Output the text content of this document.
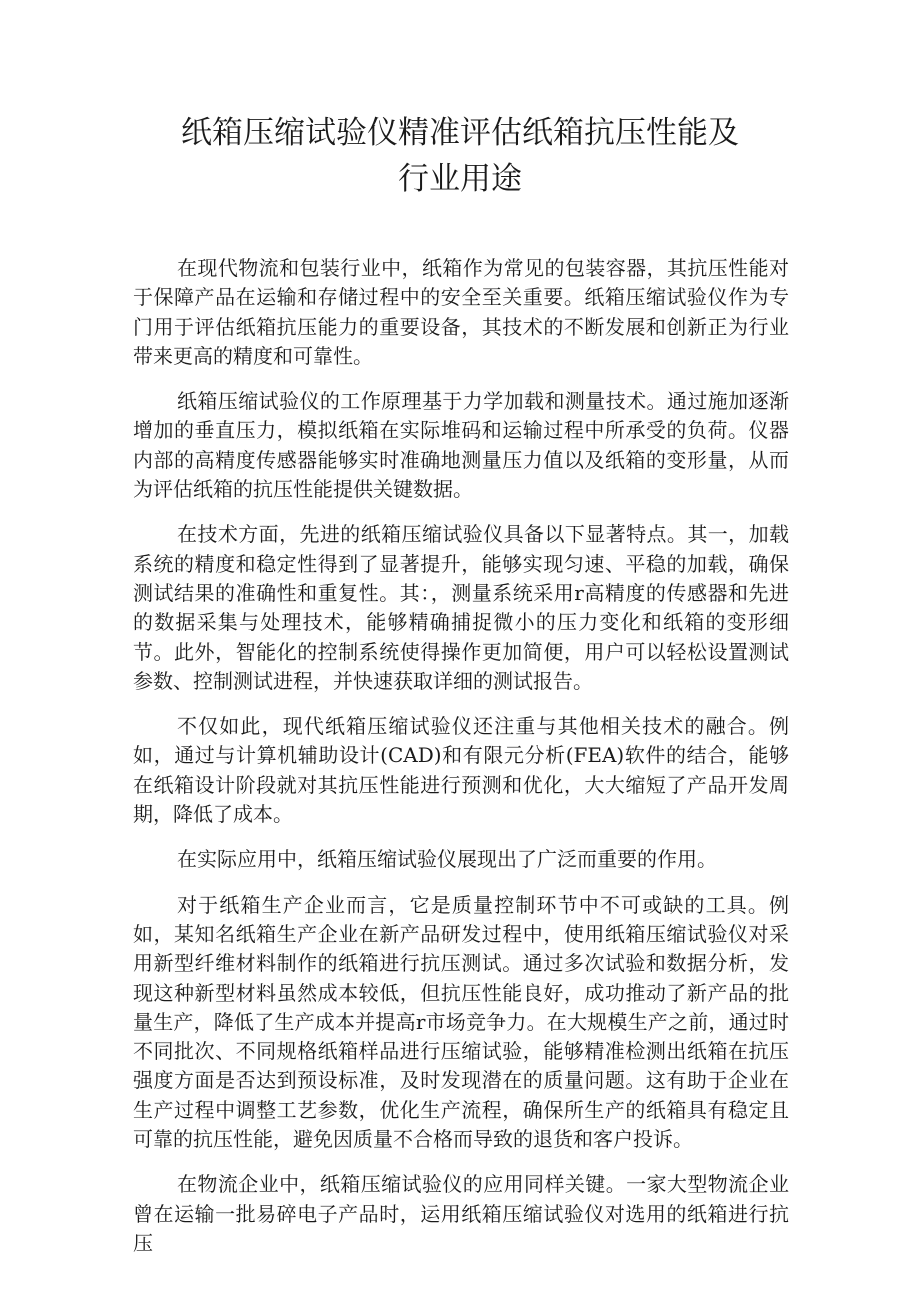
纸箱压缩试验仪精准评估纸箱抗压性能及
行业用途

在现代物流和包装行业中，纸箱作为常见的包装容器，其抗压性能对于保障产品在运输和存储过程中的安全至关重要。纸箱压缩试验仪作为专门用于评估纸箱抗压能力的重要设备，其技术的不断发展和创新正为行业带来更高的精度和可靠性。

纸箱压缩试验仪的工作原理基于力学加载和测量技术。通过施加逐渐增加的垂直压力，模拟纸箱在实际堆码和运输过程中所承受的负荷。仪器内部的高精度传感器能够实时准确地测量压力值以及纸箱的变形量，从而为评估纸箱的抗压性能提供关键数据。

在技术方面，先进的纸箱压缩试验仪具备以下显著特点。其一，加载系统的精度和稳定性得到了显著提升，能够实现匀速、平稳的加载，确保测试结果的准确性和重复性。其：，测量系统采用r高精度的传感器和先进的数据采集与处理技术，能够精确捕捉微小的压力变化和纸箱的变形细节。此外，智能化的控制系统使得操作更加简便，用户可以轻松设置测试参数、控制测试进程，并快速获取详细的测试报告。

不仅如此，现代纸箱压缩试验仪还注重与其他相关技术的融合。例如，通过与计算机辅助设计(CAD)和有限元分析(FEA)软件的结合，能够在纸箱设计阶段就对其抗压性能进行预测和优化，大大缩短了产品开发周期，降低了成本。

在实际应用中，纸箱压缩试验仪展现出了广泛而重要的作用。

对于纸箱生产企业而言，它是质量控制环节中不可或缺的工具。例如，某知名纸箱生产企业在新产品研发过程中，使用纸箱压缩试验仪对采用新型纤维材料制作的纸箱进行抗压测试。通过多次试验和数据分析，发现这种新型材料虽然成本较低，但抗压性能良好，成功推动了新产品的批量生产，降低了生产成本并提高r市场竞争力。在大规模生产之前，通过时不同批次、不同规格纸箱样品进行压缩试验，能够精准检测出纸箱在抗压强度方面是否达到预设标准，及时发现潜在的质量问题。这有助于企业在生产过程中调整工艺参数，优化生产流程，确保所生产的纸箱具有稳定且可靠的抗压性能，避免因质量不合格而导致的退货和客户投诉。

在物流企业中，纸箱压缩试验仪的应用同样关键。一家大型物流企业曾在运输一批易碎电子产品时，运用纸箱压缩试验仪对选用的纸箱进行抗压
